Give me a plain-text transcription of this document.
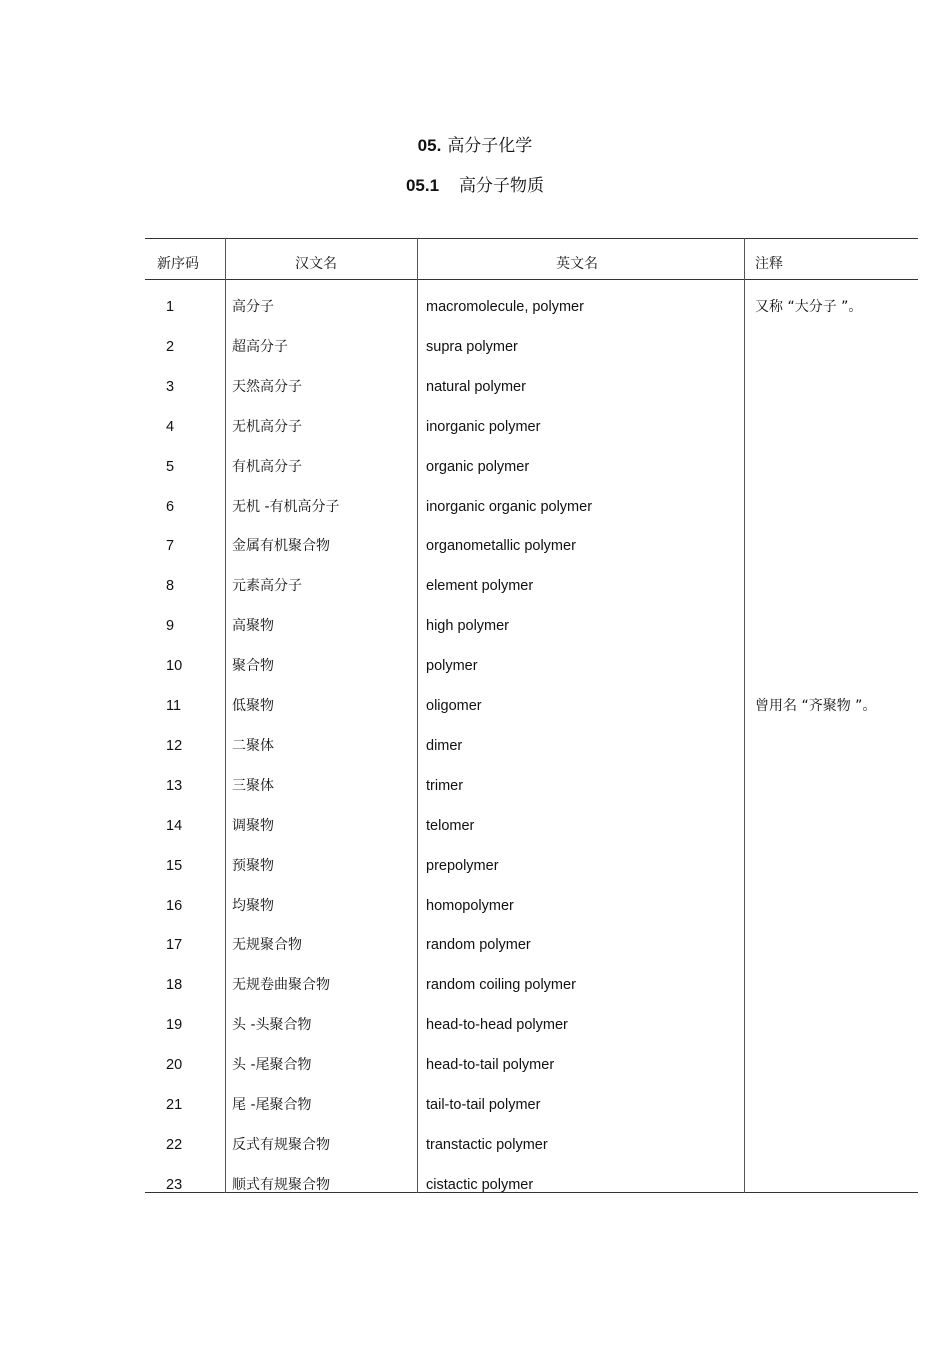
05. 高分子化学
05.1 高分子物质
新序码	汉文名	英文名	注释
1	高分子	macromolecule, polymer	又称 “大分子 ”。
2	超高分子	supra polymer
3	天然高分子	natural polymer
4	无机高分子	inorganic polymer
5	有机高分子	organic polymer
6	无机 -有机高分子	inorganic organic polymer
7	金属有机聚合物	organometallic polymer
8	元素高分子	element polymer
9	高聚物	high polymer
10	聚合物	polymer
11	低聚物	oligomer	曾用名 “齐聚物 ”。
12	二聚体	dimer
13	三聚体	trimer
14	调聚物	telomer
15	预聚物	prepolymer
16	均聚物	homopolymer
17	无规聚合物	random polymer
18	无规卷曲聚合物	random coiling polymer
19	头 -头聚合物	head-to-head polymer
20	头 -尾聚合物	head-to-tail polymer
21	尾 -尾聚合物	tail-to-tail polymer
22	反式有规聚合物	transtactic polymer
23	顺式有规聚合物	cistactic polymer
